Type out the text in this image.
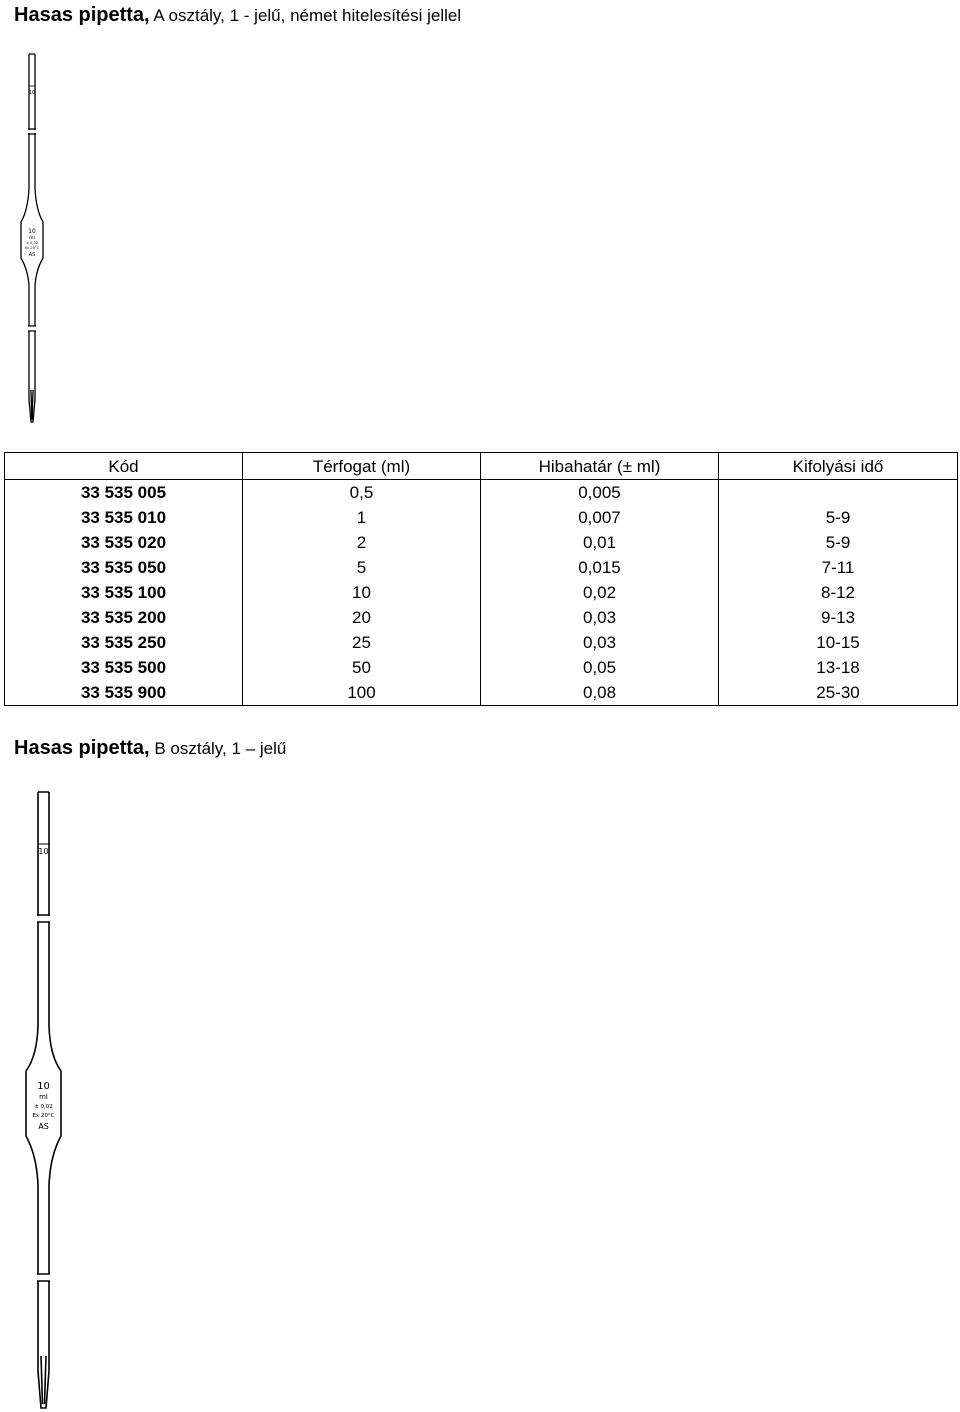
Hasas pipetta, A osztály, 1 - jelű, német hitelesítési jellel
10
10
ml
± 0,02
Ex 20°C
AS
Kód	Térfogat (ml)	Hibahatár (± ml)	Kifolyási idő
33 535 005	0,5	0,005	
33 535 010	1	0,007	5-9
33 535 020	2	0,01	5-9
33 535 050	5	0,015	7-11
33 535 100	10	0,02	8-12
33 535 200	20	0,03	9-13
33 535 250	25	0,03	10-15
33 535 500	50	0,05	13-18
33 535 900	100	0,08	25-30
Hasas pipetta, B osztály, 1 – jelű
10
10
ml
± 0,02
Ex 20°C
AS
